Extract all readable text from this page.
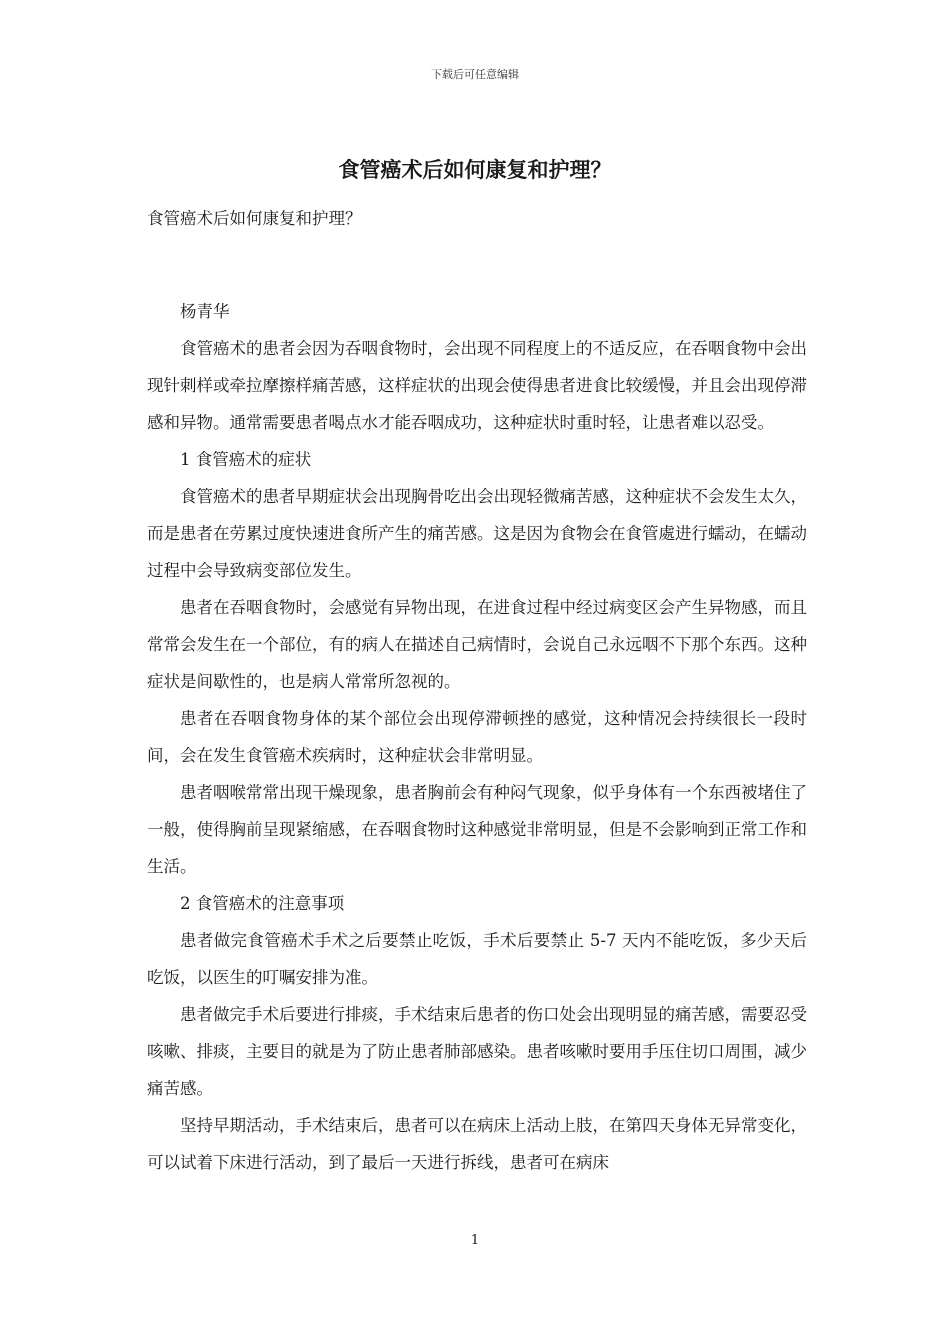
下载后可任意编辑
食管癌术后如何康复和护理？

食管癌术后如何康复和护理？

杨青华

食管癌术的患者会因为吞咽食物时，会出现不同程度上的不适反应，在吞咽食物中会出现针刺样或牵拉摩擦样痛苦感，这样症状的出现会使得患者进食比较缓慢，并且会出现停滞感和异物。通常需要患者喝点水才能吞咽成功，这种症状时重时轻，让患者难以忍受。

1 食管癌术的症状

食管癌术的患者早期症状会出现胸骨吃出会出现轻微痛苦感，这种症状不会发生太久，而是患者在劳累过度快速进食所产生的痛苦感。这是因为食物会在食管處进行蠕动，在蠕动过程中会导致病变部位发生。

患者在吞咽食物时，会感觉有异物出现，在进食过程中经过病变区会产生异物感，而且常常会发生在一个部位，有的病人在描述自己病情时，会说自己永远咽不下那个东西。这种症状是间歇性的，也是病人常常所忽视的。

患者在吞咽食物身体的某个部位会出现停滞顿挫的感觉，这种情况会持续很长一段时间，会在发生食管癌术疾病时，这种症状会非常明显。

患者咽喉常常出现干燥现象，患者胸前会有种闷气现象，似乎身体有一个东西被堵住了一般，使得胸前呈现紧缩感，在吞咽食物时这种感觉非常明显，但是不会影响到正常工作和生活。

2 食管癌术的注意事项

患者做完食管癌术手术之后要禁止吃饭，手术后要禁止 5-7 天内不能吃饭，多少天后吃饭，以医生的叮嘱安排为准。

患者做完手术后要进行排痰，手术结束后患者的伤口处会出现明显的痛苦感，需要忍受咳嗽、排痰，主要目的就是为了防止患者肺部感染。患者咳嗽时要用手压住切口周围，减少痛苦感。

坚持早期活动，手术结束后，患者可以在病床上活动上肢，在第四天身体无异常变化，可以试着下床进行活动，到了最后一天进行拆线，患者可在病床

1
